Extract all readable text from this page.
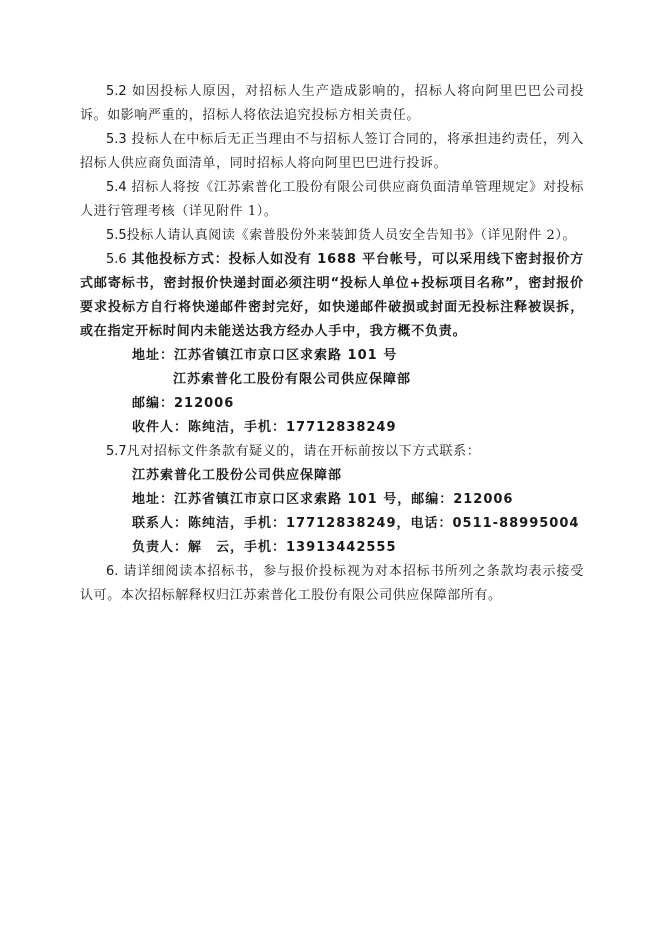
5.2 如因投标人原因，对招标人生产造成影响的，招标人将向阿里巴巴公司投诉。如影响严重的，招标人将依法追究投标方相关责任。

5.3 投标人在中标后无正当理由不与招标人签订合同的，将承担违约责任，列入招标人供应商负面清单，同时招标人将向阿里巴巴进行投诉。

5.4 招标人将按《江苏索普化工股份有限公司供应商负面清单管理规定》对投标人进行管理考核（详见附件 1）。

5.5投标人请认真阅读《索普股份外来装卸货人员安全告知书》（详见附件 2）。

5.6 其他投标方式：投标人如没有 1688 平台帐号，可以采用线下密封报价方式邮寄标书，密封报价快递封面必须注明“投标人单位+投标项目名称”，密封报价要求投标方自行将快递邮件密封完好，如快递邮件破损或封面无投标注释被误拆，或在指定开标时间内未能送达我方经办人手中，我方概不负责。

地址：江苏省镇江市京口区求索路 101 号

江苏索普化工股份有限公司供应保障部

邮编：212006

收件人：陈纯洁，手机：17712838249

5.7凡对招标文件条款有疑义的，请在开标前按以下方式联系：

江苏索普化工股份公司供应保障部

地址：江苏省镇江市京口区求索路 101 号，邮编：212006

联系人：陈纯洁，手机：17712838249，电话：0511-88995004

负责人：解　云，手机：13913442555

6. 请详细阅读本招标书，参与报价投标视为对本招标书所列之条款均表示接受认可。本次招标解释权归江苏索普化工股份有限公司供应保障部所有。
